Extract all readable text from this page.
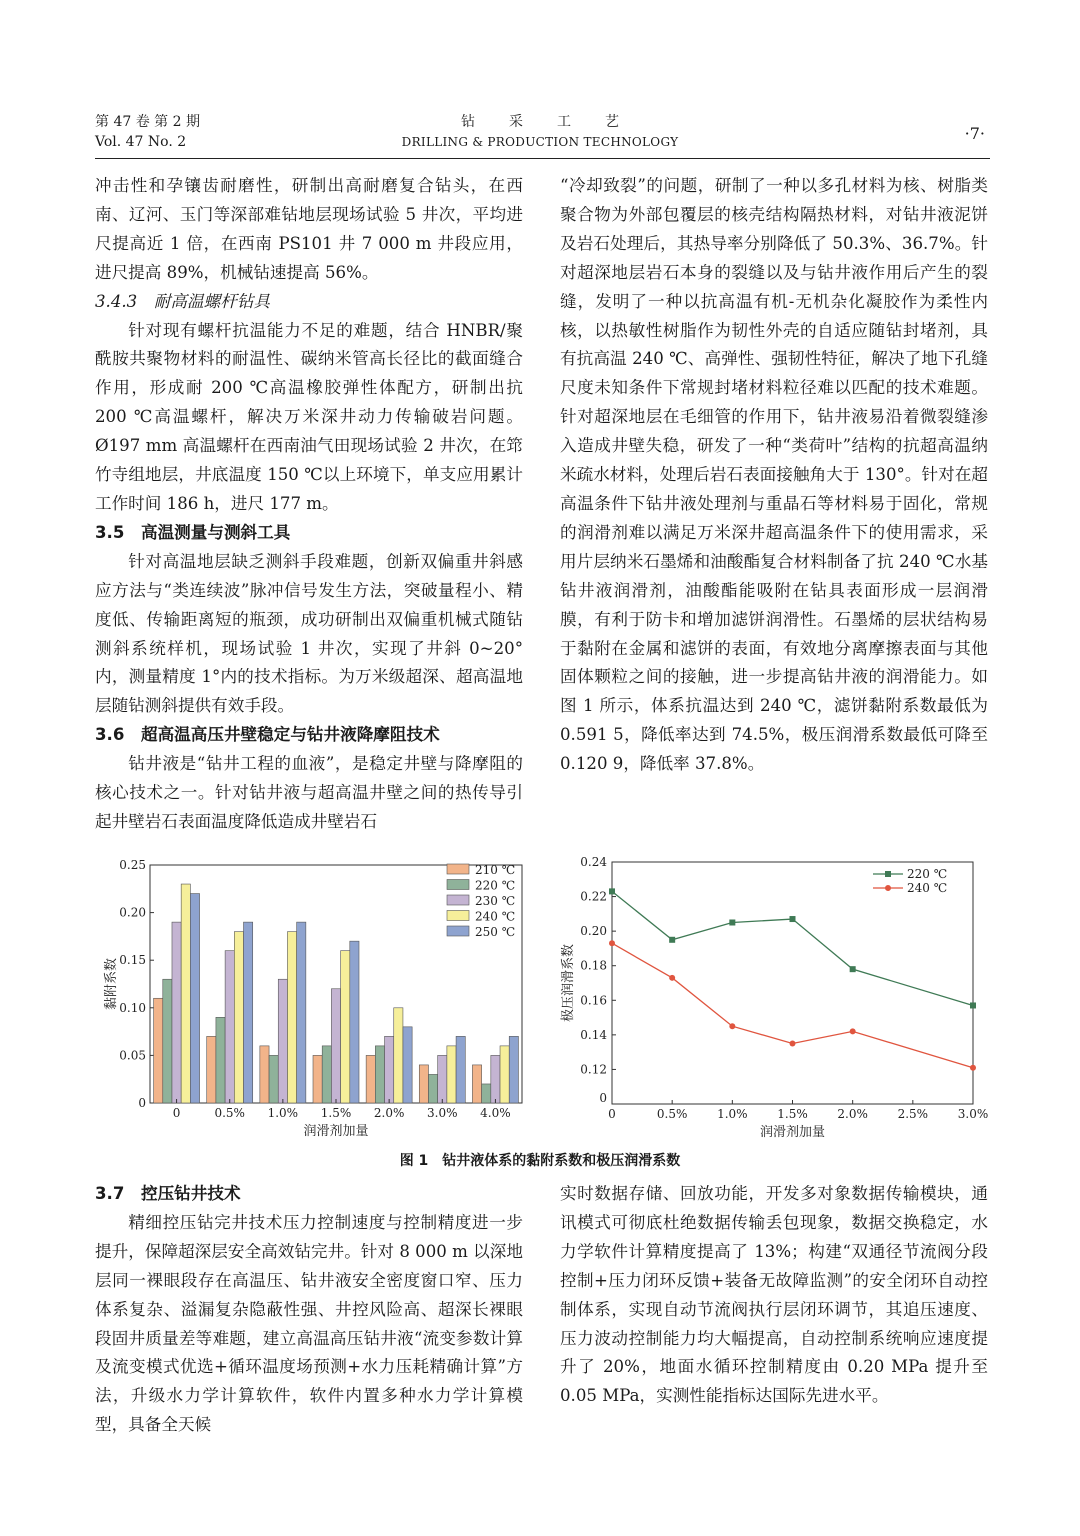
第 47 卷 第 2 期
Vol. 47 No. 2
钻采工艺
DRILLING & PRODUCTION TECHNOLOGY	·7·

冲击性和孕镶齿耐磨性，研制出高耐磨复合钻头，在西南、辽河、玉门等深部难钻地层现场试验 5 井次，平均进尺提高近 1 倍，在西南 PS101 井 7 000 m 井段应用，进尺提高 89%，机械钻速提高 56%。

3.4.3　耐高温螺杆钻具

针对现有螺杆抗温能力不足的难题，结合 HNBR/聚酰胺共聚物材料的耐温性、碳纳米管高长径比的截面缝合作用，形成耐 200 ℃高温橡胶弹性体配方，研制出抗 200 ℃高温螺杆，解决万米深井动力传输破岩问题。Ø197 mm 高温螺杆在西南油气田现场试验 2 井次，在筇竹寺组地层，井底温度 150 ℃以上环境下，单支应用累计工作时间 186 h，进尺 177 m。

3.5　高温测量与测斜工具

针对高温地层缺乏测斜手段难题，创新双偏重井斜感应方法与“类连续波”脉冲信号发生方法，突破量程小、精度低、传输距离短的瓶颈，成功研制出双偏重机械式随钻测斜系统样机，现场试验 1 井次，实现了井斜 0~20°内，测量精度 1°内的技术指标。为万米级超深、超高温地层随钻测斜提供有效手段。

3.6　超高温高压井壁稳定与钻井液降摩阻技术

钻井液是“钻井工程的血液”，是稳定井壁与降摩阻的核心技术之一。针对钻井液与超高温井壁之间的热传导引起井壁岩石表面温度降低造成井壁岩石

“冷却致裂”的问题，研制了一种以多孔材料为核、树脂类聚合物为外部包覆层的核壳结构隔热材料，对钻井液泥饼及岩石处理后，其热导率分别降低了 50.3%、36.7%。针对超深地层岩石本身的裂缝以及与钻井液作用后产生的裂缝，发明了一种以抗高温有机-无机杂化凝胶作为柔性内核，以热敏性树脂作为韧性外壳的自适应随钻封堵剂，具有抗高温 240 ℃、高弹性、强韧性特征，解决了地下孔缝尺度未知条件下常规封堵材料粒径难以匹配的技术难题。针对超深地层在毛细管的作用下，钻井液易沿着微裂缝渗入造成井壁失稳，研发了一种“类荷叶”结构的抗超高温纳米疏水材料，处理后岩石表面接触角大于 130°。针对在超高温条件下钻井液处理剂与重晶石等材料易于固化，常规的润滑剂难以满足万米深井超高温条件下的使用需求，采用片层纳米石墨烯和油酸酯复合材料制备了抗 240 ℃水基钻井液润滑剂，油酸酯能吸附在钻具表面形成一层润滑膜，有利于防卡和增加滤饼润滑性。石墨烯的层状结构易于黏附在金属和滤饼的表面，有效地分离摩擦表面与其他固体颗粒之间的接触，进一步提高钻井液的润滑能力。如图 1 所示，体系抗温达到 240 ℃，滤饼黏附系数最低为 0.591 5，降低率达到 74.5%，极压润滑系数最低可降至 0.120 9，降低率 37.8%。

3.7　控压钻井技术

精细控压钻完井技术压力控制速度与控制精度进一步提升，保障超深层安全高效钻完井。针对 8 000 m 以深地层同一裸眼段存在高温压、钻井液安全密度窗口窄、压力体系复杂、溢漏复杂隐蔽性强、井控风险高、超深长裸眼段固井质量差等难题，建立高温高压钻井液“流变参数计算及流变模式优选+循环温度场预测+水力压耗精确计算”方法，升级水力学计算软件，软件内置多种水力学计算模型，具备全天候

实时数据存储、回放功能，开发多对象数据传输模块，通讯模式可彻底杜绝数据传输丢包现象，数据交换稳定，水力学软件计算精度提高了 13%；构建“双通径节流阀分段控制+压力闭环反馈+装备无故障监测”的安全闭环自动控制体系，实现自动节流阀执行层闭环调节，其追压速度、压力波动控制能力均大幅提高，自动控制系统响应速度提升了 20%，地面水循环控制精度由 0.20 MPa 提升至 0.05 MPa，实测性能指标达国际先进水平。

0
0.05
0.10
0.15
0.20
0.25
0	0.5% 1.0% 1.5% 2.0% 3.0% 4.0%
润滑剂加量
黏附系数
210 ℃
220 ℃
230 ℃
240 ℃
250 ℃
0
0.12
0.14
0.16
0.18
0.20
0.22
0.24
0	0.5% 1.0% 1.5% 2.0% 2.5% 3.0%
润滑剂加量
极压润滑系数
220 ℃
240 ℃
图 1　钻井液体系的黏附系数和极压润滑系数
